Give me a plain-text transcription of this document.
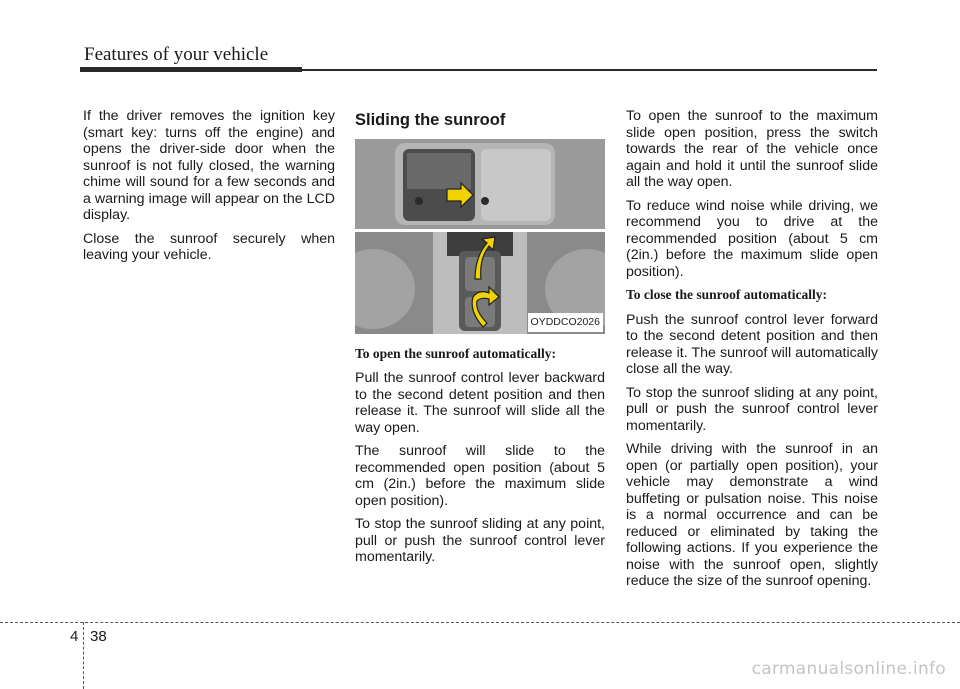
Features of your vehicle

If the driver removes the ignition key (smart key: turns off the engine) and opens the driver-side door when the sunroof is not fully closed, the warning chime will sound for a few seconds and a warning image will appear on the LCD display.

Close the sunroof securely when leaving your vehicle.

Sliding the sunroof
OYDDCO2026

To open the sunroof automatically:

Pull the sunroof control lever backward to the second detent position and then release it. The sunroof will slide all the way open.

The sunroof will slide to the recommended open position (about 5 cm (2in.) before the maximum slide open position).

To stop the sunroof sliding at any point, pull or push the sunroof control lever momentarily.

To open the sunroof to the maximum slide open position, press the switch towards the rear of the vehicle once again and hold it until the sunroof slide all the way open.

To reduce wind noise while driving, we recommend you to drive at the recommended position (about 5 cm (2in.) before the maximum slide open position).

To close the sunroof automatically:

Push the sunroof control lever forward to the second detent position and then release it. The sunroof will automatically close all the way.

To stop the sunroof sliding at any point, pull or push the sunroof control lever momentarily.

While driving with the sunroof in an open (or partially open position), your vehicle may demonstrate a wind buffeting or pulsation noise. This noise is a normal occurrence and can be reduced or eliminated by taking the following actions. If you experience the noise with the sunroof open, slightly reduce the size of the sunroof opening.

4 38
carmanualsonline.info
